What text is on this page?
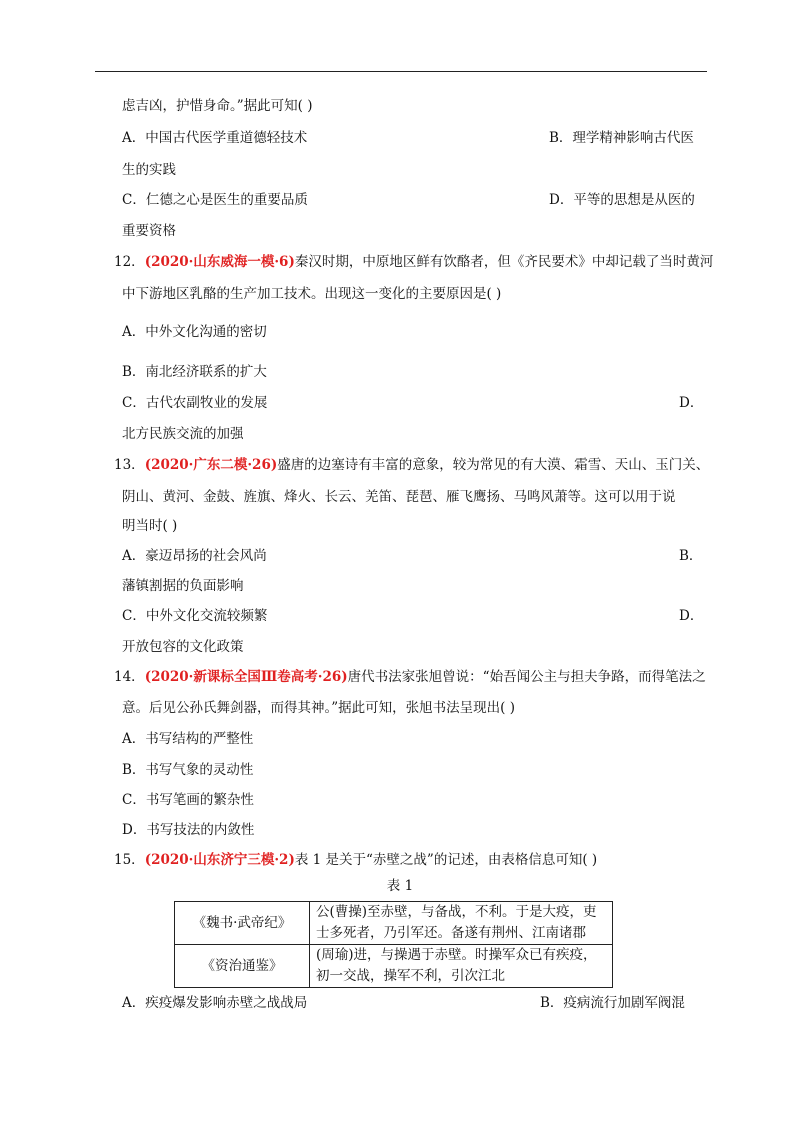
虑吉凶，护惜身命。”据此可知( )
A．中国古代医学重道德轻技术	B．理学精神影响古代医
生的实践
C．仁德之心是医生的重要品质	D．平等的思想是从医的
重要资格
12．(2020·山东威海一模·6)秦汉时期，中原地区鲜有饮酪者，但《齐民要术》中却记载了当时黄河
中下游地区乳酪的生产加工技术。出现这一变化的主要原因是( )
A．中外文化沟通的密切
B．南北经济联系的扩大
C．古代农副牧业的发展	D．
北方民族交流的加强
13．(2020·广东二模·26)盛唐的边塞诗有丰富的意象，较为常见的有大漠、霜雪、天山、玉门关、
阴山、黄河、金鼓、旌旗、烽火、长云、羌笛、琵琶、雁飞鹰扬、马鸣风萧等。这可以用于说
明当时( )
A．豪迈昂扬的社会风尚	B．
藩镇割据的负面影响
C．中外文化交流较频繁	D．
开放包容的文化政策
14．(2020·新课标全国Ⅲ卷高考·26)唐代书法家张旭曾说：“始吾闻公主与担夫争路，而得笔法之
意。后见公孙氏舞剑器，而得其神。”据此可知，张旭书法呈现出( )
A．书写结构的严整性
B．书写气象的灵动性
C．书写笔画的繁杂性
D．书写技法的内敛性
15．(2020·山东济宁三模·2)表 1 是关于“赤壁之战”的记述，由表格信息可知( )
表 1
《魏书·武帝纪》	公(曹操)至赤壁，与备战，不利。于是大疫，吏
士多死者，乃引军还。备遂有荆州、江南诸郡

《资治通鉴》	(周瑜)进，与操遇于赤壁。时操军众已有疾疫，
初一交战，操军不利，引次江北
A．疾疫爆发影响赤壁之战战局	B．疫病流行加剧军阀混
